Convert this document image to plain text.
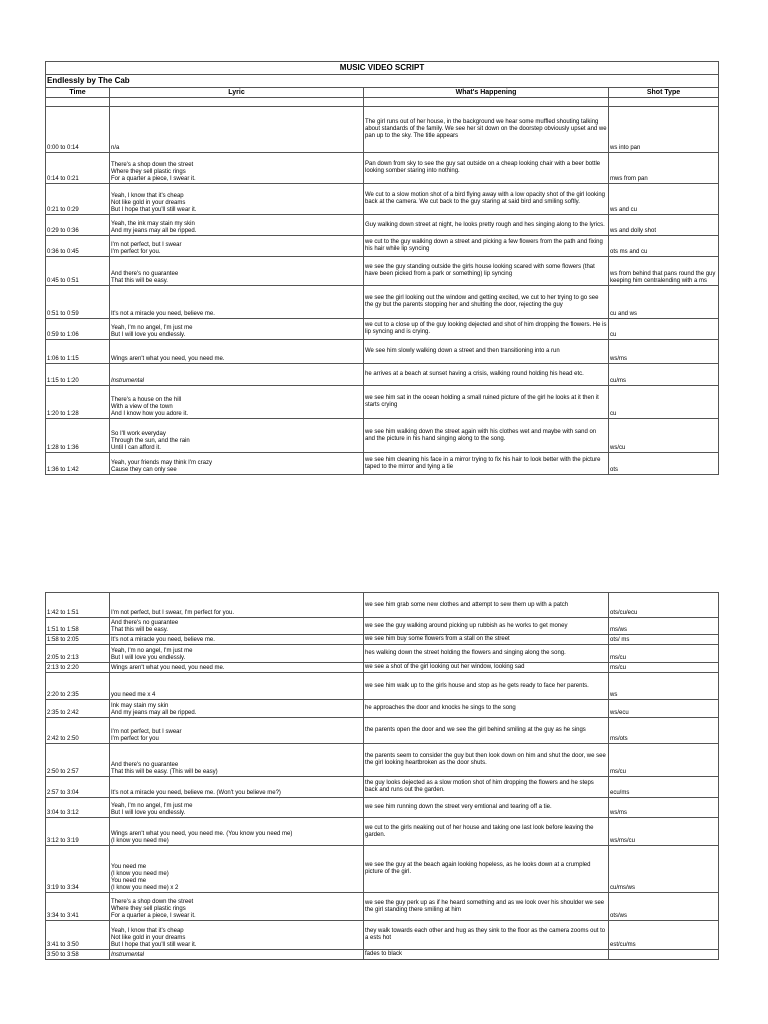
MUSIC VIDEO SCRIPT			
Endlessly by The Cab			
Time	Lyric	What's Happening	Shot Type

0:00 to 0:14	n/a	The girl runs out of her house, in the background we hear some muffled shouting talking about standards of the family. We see her sit down on the doorstep obviously upset and we pan up to the sky. The title appears	ws into pan
0:14 to 0:21	There's a shop down the street
Where they sell plastic rings
For a quarter a piece, I swear it.	Pan down from sky to see the guy sat outside on a cheap looking chair with a beer bottle looking somber staring into nothing.	mws from pan
0:21 to 0:29	Yeah, I know that it's cheap
Not like gold in your dreams
But I hope that you'll still wear it.	We cut to a slow motion shot of a bird flying away with a low opacity shot of the girl looking back at the camera. We cut back to the guy staring at said bird and smiling softly.	ws and cu
0:29 to 0:36	Yeah, the ink may stain my skin
And my jeans may all be ripped.	Guy walking down street at night, he looks pretty rough and hes singing along to the lyrics.	ws and dolly shot
0:36 to 0:45	I'm not perfect, but I swear
I'm perfect for you.	we cut to the guy walking down a street and picking a few flowers from the path and fixing his hair while lip syncing	ots ms and cu
0:45 to 0:51	And there's no guarantee
That this will be easy.	we see the guy standing outside the girls house looking scared with some flowers (that have been picked from a park or something) lip syncing	ws from behind that pans round the guy keeping him centralending with a ms
0:51 to 0:59	It's not a miracle you need, believe me.	we see the girl looking out the window and getting excited, we cut to her trying to go see the gy but the parents stopping her and shutting the door, rejecting the guy	cu and ws
0:59 to 1:06	Yeah, I'm no angel, I'm just me
But I will love you endlessly.	we cut to a close up of the guy looking dejected and shot of him dropping the flowers. He is lip syncing and is crying.	cu
1:06 to 1:15	Wings aren't what you need, you need me.	We see him slowly walking down a street and then transitioning into a run	ws/ms
1:15 to 1:20	Instrumental	he arrives at a beach at sunset having a crisis, walking round holding his head etc.	cu/ms
1:20 to 1:28	There's a house on the hill
With a view of the town
And I know how you adore it.	we see him sat in the ocean holding a small ruined picture of the girl he looks at it then it starts crying	cu
1:28 to 1:36	So I'll work everyday
Through the sun, and the rain
Until I can afford it.	we see him walking down the street again with his clothes wet and maybe with sand on and the picture in his hand singing along to the song.	ws/cu
1:36 to 1:42	Yeah, your friends may think I'm crazy
Cause they can only see	we see him cleaning his face in a mirror trying to fix his hair to look better with the picture taped to the mirror and tying a tie	ots
1:42 to 1:51	I'm not perfect, but I swear, I'm perfect for you.	we see him grab some new clothes and attempt to sew them up with a patch	ots/cu/ecu
1:51 to 1:58	And there's no guarantee
That this will be easy.	we see the guy walking around picking up rubbish as he works to get money	ms/ws
1:58 to 2:05	It's not a miracle you need, believe me.	we see him buy some flowers from a stall on the street	ots/ ms
2:05 to 2:13	Yeah, I'm no angel, I'm just me
But I will love you endlessly.	hes walking down the street holding the flowers and singing along the song.	ms/cu
2:13 to 2:20	Wings aren't what you need, you need me.	we see a shot of the girl looking out her window, looking sad	ms/cu
2:20 to 2:35	you need me x 4	we see him walk up to the girls house and stop as he gets ready to face her parents.	ws
2:35 to 2:42	Ink may stain my skin
And my jeans may all be ripped.	he approaches the door and knocks he sings to the song	ws/ecu
2:42 to 2:50	I'm not perfect, but I swear
I'm perfect for you	the parents open the door and we see the girl behind smiling at the guy as he sings	ms/ots
2:50 to 2:57	And there's no guarantee
That this will be easy. (This will be easy)	the parents seem to consider the guy but then look down on him and shut the door, we see the girl looking heartbroken as the door shuts.	ms/cu
2:57 to 3:04	It's not a miracle you need, believe me. (Won't you believe me?)	the guy looks dejected as a slow motion shot of him dropping the flowers and he steps back and runs out the garden.	ecu/ms
3:04 to 3:12	Yeah, I'm no angel, I'm just me
But I will love you endlessly.	we see him running down the street very emtional and tearing off a tie.	ws/ms
3:12 to 3:19	Wings aren't what you need, you need me. (You know you need me)
(I know you need me)	we cut to the girls neaking out of her house and taking one last look before leaving the garden.	ws/ms/cu
3:19 to 3:34	You need me
(I know you need me)
You need me
(I know you need me) x 2	we see the guy at the beach again looking hopeless, as he looks down at a crumpled picture of the girl.	cu/ms/ws
3:34 to 3:41	There's a shop down the street
Where they sell plastic rings
For a quarter a piece, I swear it.	we see the guy perk up as if he heard something and as we look over his shoulder we see the girl standing there smiling at him	ots/ws
3:41 to 3:50	Yeah, I know that it's cheap
Not like gold in your dreams
But I hope that you'll still wear it.	they walk towards each other and hug as they sink to the floor as the camera zooms out to a ests hot	est/cu/ms
3:50 to 3:58	Instrumental	fades to black	
